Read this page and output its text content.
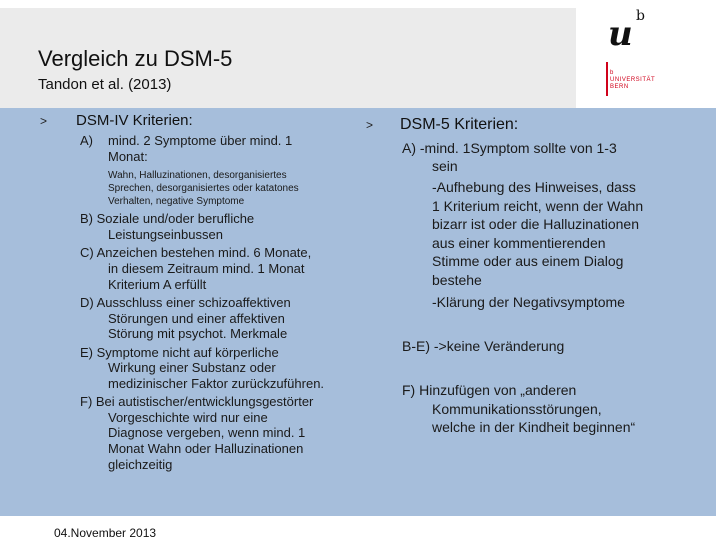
Vergleich zu DSM-5
Tandon et al. (2013)
u b
b
UNIVERSITÄT
BERN
> DSM-IV Kriterien:
A) mind. 2 Symptome über mind. 1
Monat:
Wahn, Halluzinationen, desorganisiertes
Sprechen, desorganisiertes oder katatones
Verhalten, negative Symptome
B) Soziale und/oder berufliche
Leistungseinbussen
C) Anzeichen bestehen mind. 6 Monate,
in diesem Zeitraum mind. 1 Monat
Kriterium A erfüllt
D) Ausschluss einer schizoaffektiven
Störungen und einer affektiven
Störung mit psychot. Merkmale
E) Symptome nicht auf körperliche
Wirkung einer Substanz oder
medizinischer Faktor zurückzuführen.
F) Bei autistischer/entwicklungsgestörter
Vorgeschichte wird nur eine
Diagnose vergeben, wenn mind. 1
Monat Wahn oder Halluzinationen
gleichzeitig
> DSM-5 Kriterien:
A) -mind. 1Symptom sollte von 1-3
sein
-Aufhebung des Hinweises, dass
1 Kriterium reicht, wenn der Wahn
bizarr ist oder die Halluzinationen
aus einer kommentierenden
Stimme oder aus einem Dialog
bestehe
-Klärung der Negativsymptome
B-E) ->keine Veränderung
F) Hinzufügen von „anderen
Kommunikationsstörungen,
welche in der Kindheit beginnen“
04.November 2013
